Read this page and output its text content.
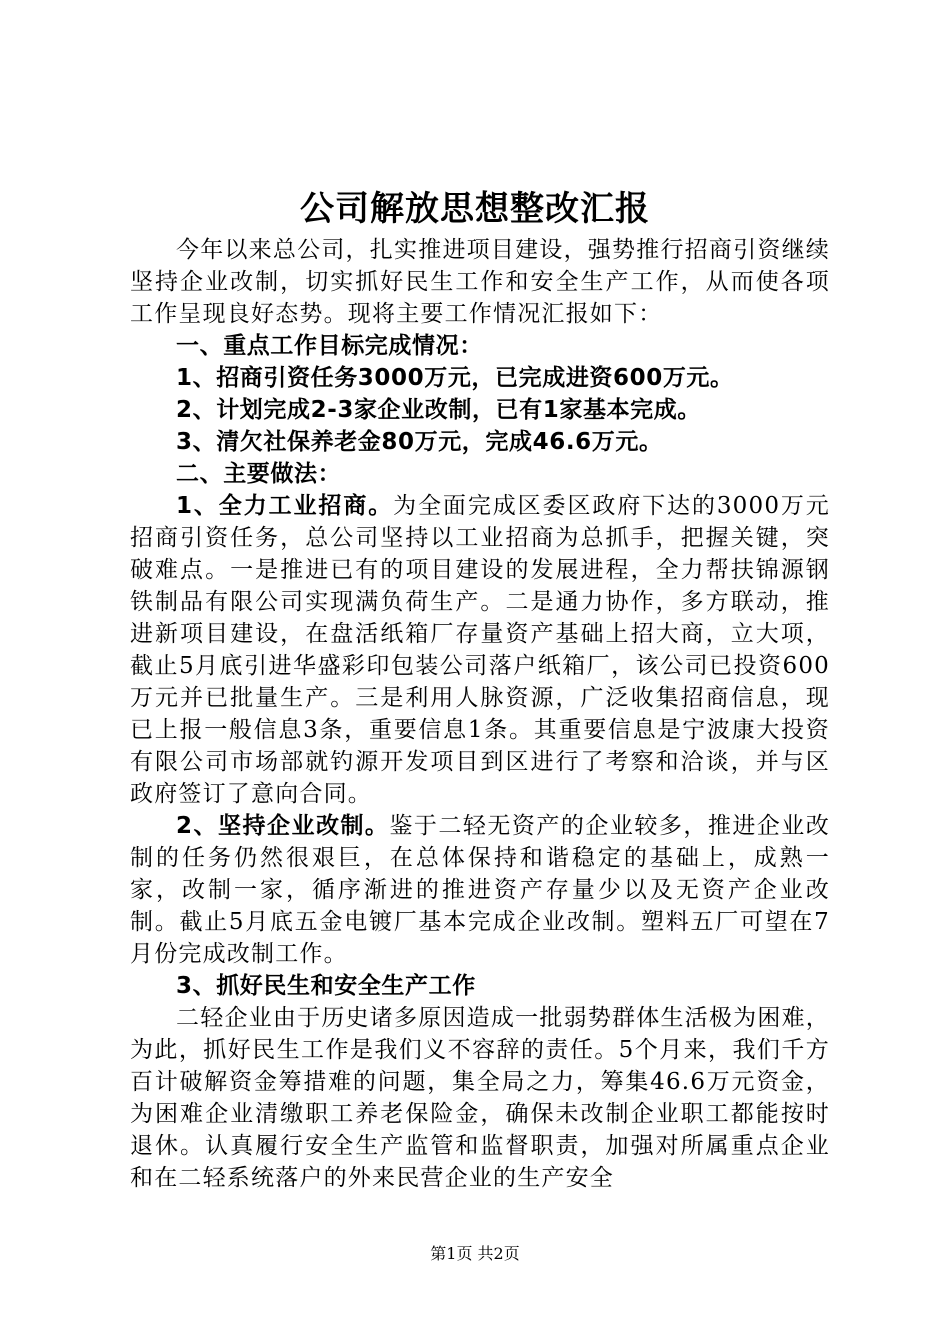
公司解放思想整改汇报

今年以来总公司，扎实推进项目建设，强势推行招商引资继续坚持企业改制，切实抓好民生工作和安全生产工作，从而使各项工作呈现良好态势。现将主要工作情况汇报如下：

一、重点工作目标完成情况：

1、招商引资任务3000万元，已完成进资600万元。

2、计划完成2-3家企业改制，已有1家基本完成。

3、清欠社保养老金80万元，完成46.6万元。

二、主要做法：

1、全力工业招商。为全面完成区委区政府下达的3000万元招商引资任务，总公司坚持以工业招商为总抓手，把握关键，突破难点。一是推进已有的项目建设的发展进程，全力帮扶锦源钢铁制品有限公司实现满负荷生产。二是通力协作，多方联动，推进新项目建设，在盘活纸箱厂存量资产基础上招大商，立大项，截止5月底引进华盛彩印包装公司落户纸箱厂，该公司已投资600万元并已批量生产。三是利用人脉资源，广泛收集招商信息，现已上报一般信息3条，重要信息1条。其重要信息是宁波康大投资有限公司市场部就钓源开发项目到区进行了考察和洽谈，并与区政府签订了意向合同。

2、坚持企业改制。鉴于二轻无资产的企业较多，推进企业改制的任务仍然很艰巨，在总体保持和谐稳定的基础上，成熟一家，改制一家，循序渐进的推进资产存量少以及无资产企业改制。截止5月底五金电镀厂基本完成企业改制。塑料五厂可望在7月份完成改制工作。

3、抓好民生和安全生产工作

二轻企业由于历史诸多原因造成一批弱势群体生活极为困难，为此，抓好民生工作是我们义不容辞的责任。5个月来，我们千方百计破解资金筹措难的问题，集全局之力，筹集46.6万元资金，为困难企业清缴职工养老保险金，确保未改制企业职工都能按时退休。认真履行安全生产监管和监督职责，加强对所属重点企业和在二轻系统落户的外来民营企业的生产安全

第1页 共2页
